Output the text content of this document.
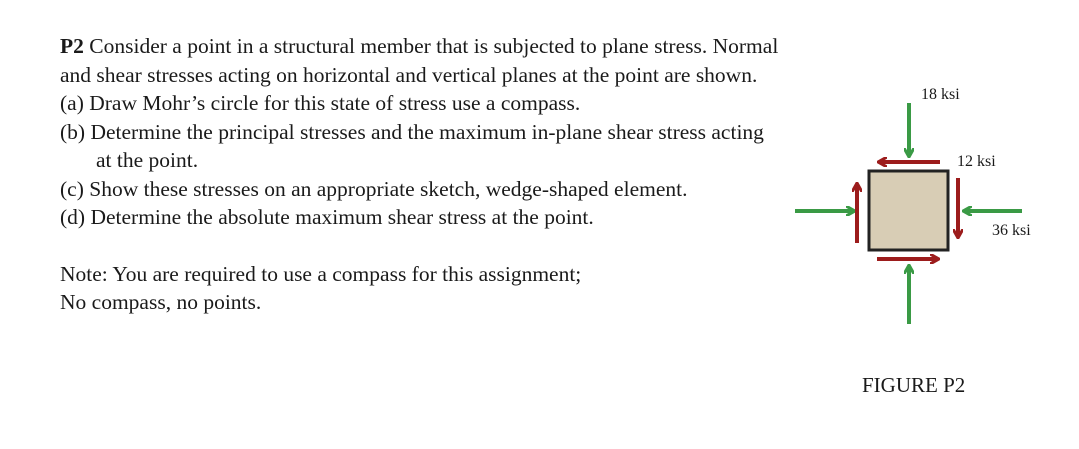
P2 Consider a point in a structural member that is subjected to plane stress. Normal and shear stresses acting on horizontal and vertical planes at the point are shown.

(a) Draw Mohr’s circle for this state of stress use a compass.

(b) Determine the principal stresses and the maximum in-plane shear stress acting at the point.

(c) Show these stresses on an appropriate sketch, wedge-shaped element.

(d) Determine the absolute maximum shear stress at the point.

Note: You are required to use a compass for this assignment;

No compass, no points.

18 ksi
12 ksi
36 ksi
FIGURE P2
